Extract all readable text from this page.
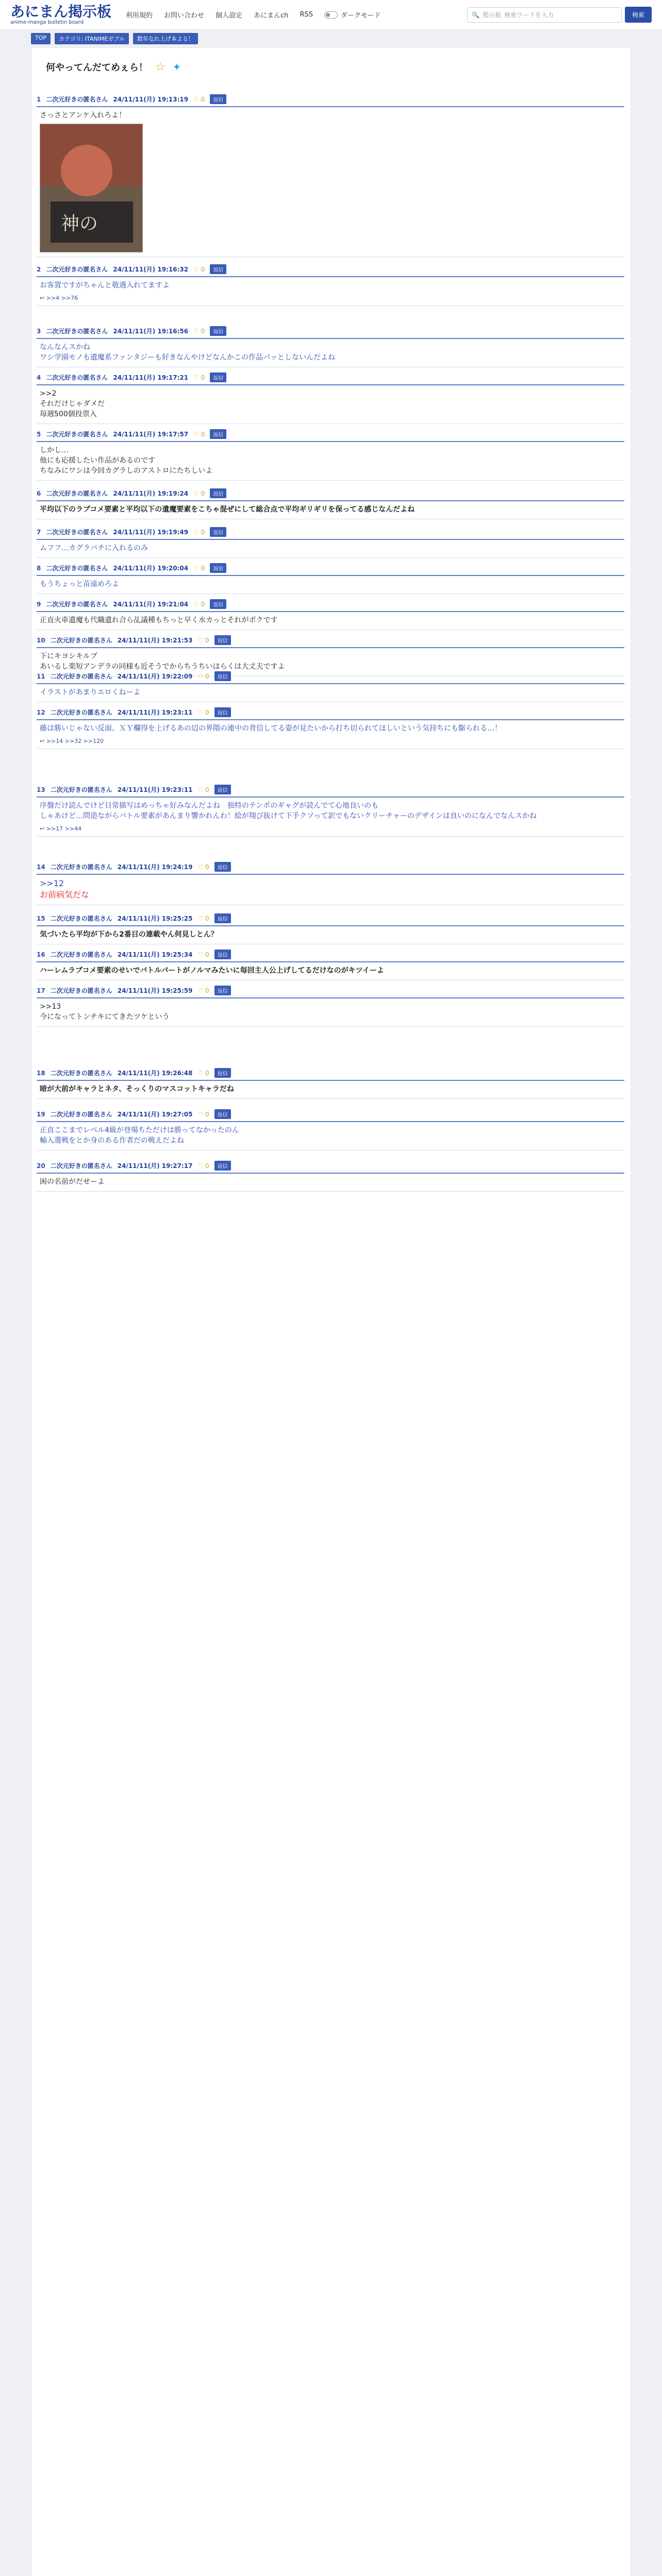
あにまん掲示板
anime-manga bulletin board
利用規約 お問い合わせ 個人設定 あにまんch RSS	ダークモード	🔍 掲示板 検索ワードを入力	検索
TOP	カテゴリ: ITANIMEガブル	数年なれ上げ本よる！
何やってんだてめぇら！ ☆ ✦
1 二次元好きの匿名さん 24/11/11(月) 19:13:19 ♡ 0	返信
さっさとアンケ入れろよ！
神の
2 二次元好きの匿名さん 24/11/11(月) 19:16:32 ♡ 0	返信
お客置ですがちゃんと敬遇入れてますよ
↩ >>4 >>76
3 二次元好きの匿名さん 24/11/11(月) 19:16:56 ♡ 0	返信
なんなんスかね
ワシ学園モノも遺魔系ファンタジーも好きなんやけどなんかこの作品パッとしないんだよね
4 二次元好きの匿名さん 24/11/11(月) 19:17:21 ♡ 0	返信
>>2
それだけじゃダメだ
毎週500個投票入
5 二次元好きの匿名さん 24/11/11(月) 19:17:57 ♡ 0	返信
しかし…
他にも応援したい作品があるのです
ちなみにワシは今回カグラしのアストロにたちしいよ
6 二次元好きの匿名さん 24/11/11(月) 19:19:24 ♡ 0	返信
平均以下のラブコメ要素と平均以下の遺魔要素をこちゃ混ぜにして総合点で平均ギリギリを保ってる感じなんだよね
7 二次元好きの匿名さん 24/11/11(月) 19:19:49 ♡ 0	返信
ムフフ…カグラバチに入れるのみ
8 二次元好きの匿名さん 24/11/11(月) 19:20:04 ♡ 0	返信
もうちょっと苗遠めろよ
9 二次元好きの匿名さん 24/11/11(月) 19:21:04 ♡ 0	返信
正直火車遺魔も代職遺れ合ら乩議種もちっと早く水カっとそれがポクです
10 二次元好きの匿名さん 24/11/11(月) 19:21:53 ♡ 0	返信
下にキヨシキルブ
あいるし楽短アンデラの同様も近そうでからちうちいはらくは大丈夫ですよ
11 二次元好きの匿名さん 24/11/11(月) 19:22:09 ♡ 0	返信
イラストがあまりエロくねーよ
12 二次元好きの匿名さん 24/11/11(月) 19:23:11 ♡ 0	返信
藤は勝いじゃない反面、ＸＹ欄得を上げるあの辺の界隈の連中の背信してる姿が見たいから打ち切られてほしいという気持ちにも駆られる…！
↩ >>14 >>32 >>120
13 二次元好きの匿名さん 24/11/11(月) 19:23:11 ♡ 0	返信
序盤だけ読んでけど日常描写はめっちゃ好みなんだよね　独特のテンポのギャグが読んでて心地良いのも
しゃあけど…問造ながらバトル要素があんまり響かれんわ！絵が翔び抜けて下手クソって訳でもないクリーチャーのデザインは良いのになんでなんスかね
↩ >>17 >>44
14 二次元好きの匿名さん 24/11/11(月) 19:24:19 ♡ 0	返信
>>12
お前病気だな
15 二次元好きの匿名さん 24/11/11(月) 19:25:25 ♡ 0	返信
気づいたら平均が下から2番目の連載やん何見しとん？
16 二次元好きの匿名さん 24/11/11(月) 19:25:34 ♡ 0	返信
ハーレムラブコメ要素のせいでバトルパートがノルマみたいに毎回主人公上げしてるだけなのがキツイーよ
17 二次元好きの匿名さん 24/11/11(月) 19:25:59 ♡ 0	返信
>>13
今になってトンチキにてきたツケという
18 二次元好きの匿名さん 24/11/11(月) 19:26:48 ♡ 0	返信
暗が大前がキャラとネタ、そっくりのマスコットキャラだね
19 二次元好きの匿名さん 24/11/11(月) 19:27:05 ♡ 0	返信
正直ここまでレベル4級が登場ちただけは勝ってなかったのん
輸入選戦をとか身のある作者だの戦えだよね
20 二次元好きの匿名さん 24/11/11(月) 19:27:17 ♡ 0	返信
困の名前がだせーよ
